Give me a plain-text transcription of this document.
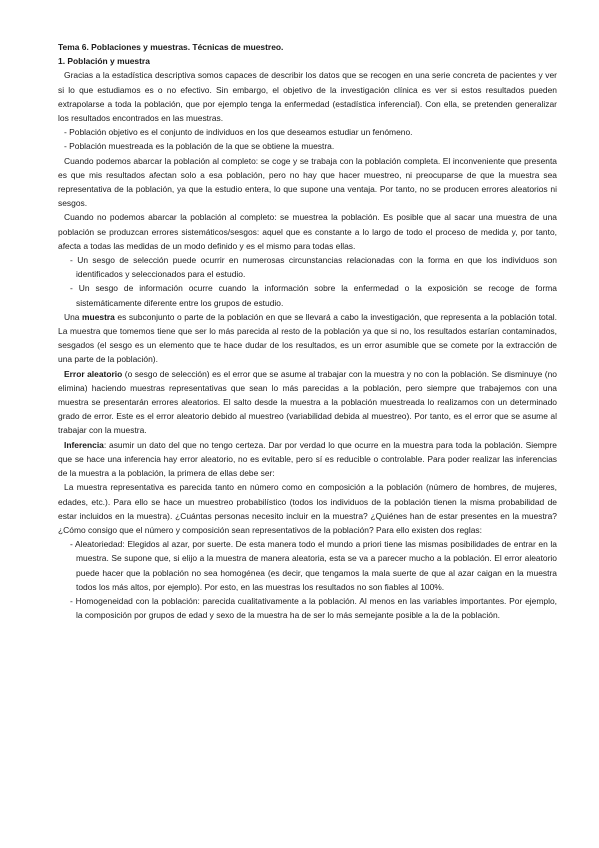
Tema 6. Poblaciones y muestras. Técnicas de muestreo.

1. Población y muestra

Gracias a la estadística descriptiva somos capaces de describir los datos que se recogen en una serie concreta de pacientes y ver si lo que estudiamos es o no efectivo. Sin embargo, el objetivo de la investigación clínica es ver si estos resultados pueden extrapolarse a toda la población, que por ejemplo tenga la enfermedad (estadística inferencial). Con ella, se pretenden generalizar los resultados encontrados en las muestras.

- Población objetivo es el conjunto de individuos en los que deseamos estudiar un fenómeno.

- Población muestreada es la población de la que se obtiene la muestra.

Cuando podemos abarcar la población al completo: se coge y se trabaja con la población completa. El inconveniente que presenta es que mis resultados afectan solo a esa población, pero no hay que hacer muestreo, ni preocuparse de que la muestra sea representativa de la población, ya que la estudio entera, lo que supone una ventaja. Por tanto, no se producen errores aleatorios ni sesgos.

Cuando no podemos abarcar la población al completo: se muestrea la población. Es posible que al sacar una muestra de una población se produzcan errores sistemáticos/sesgos: aquel que es constante a lo largo de todo el proceso de medida y, por tanto, afecta a todas las medidas de un modo definido y es el mismo para todas ellas.

- Un sesgo de selección puede ocurrir en numerosas circunstancias relacionadas con la forma en que los individuos son identificados y seleccionados para el estudio.

- Un sesgo de información ocurre cuando la información sobre la enfermedad o la exposición se recoge de forma sistemáticamente diferente entre los grupos de estudio.

Una muestra es subconjunto o parte de la población en que se llevará a cabo la investigación, que representa a la población total. La muestra que tomemos tiene que ser lo más parecida al resto de la población ya que si no, los resultados estarían contaminados, sesgados (el sesgo es un elemento que te hace dudar de los resultados, es un error asumible que se comete por la extracción de una parte de la población).

Error aleatorio (o sesgo de selección) es el error que se asume al trabajar con la muestra y no con la población. Se disminuye (no elimina) haciendo muestras representativas que sean lo más parecidas a la población, pero siempre que trabajemos con una muestra se presentarán errores aleatorios. El salto desde la muestra a la población muestreada lo realizamos con un determinado grado de error. Este es el error aleatorio debido al muestreo (variabilidad debida al muestreo). Por tanto, es el error que se asume al trabajar con la muestra.

Inferencia: asumir un dato del que no tengo certeza. Dar por verdad lo que ocurre en la muestra para toda la población. Siempre que se hace una inferencia hay error aleatorio, no es evitable, pero sí es reducible o controlable. Para poder realizar las inferencias de la muestra a la población, la primera de ellas debe ser:

La muestra representativa es parecida tanto en número como en composición a la población (número de hombres, de mujeres, edades, etc.). Para ello se hace un muestreo probabilístico (todos los individuos de la población tienen la misma probabilidad de estar incluidos en la muestra). ¿Cuántas personas necesito incluir en la muestra? ¿Quiénes han de estar presentes en la muestra? ¿Cómo consigo que el número y composición sean representativos de la población? Para ello existen dos reglas:

- Aleatoriedad: Elegidos al azar, por suerte. De esta manera todo el mundo a priori tiene las mismas posibilidades de entrar en la muestra. Se supone que, si elijo a la muestra de manera aleatoria, esta se va a parecer mucho a la población. El error aleatorio puede hacer que la población no sea homogénea (es decir, que tengamos la mala suerte de que al azar caigan en la muestra todos los más altos, por ejemplo). Por esto, en las muestras los resultados no son fiables al 100%.

- Homogeneidad con la población: parecida cualitativamente a la población. Al menos en las variables importantes. Por ejemplo, la composición por grupos de edad y sexo de la muestra ha de ser lo más semejante posible a la de la población.
